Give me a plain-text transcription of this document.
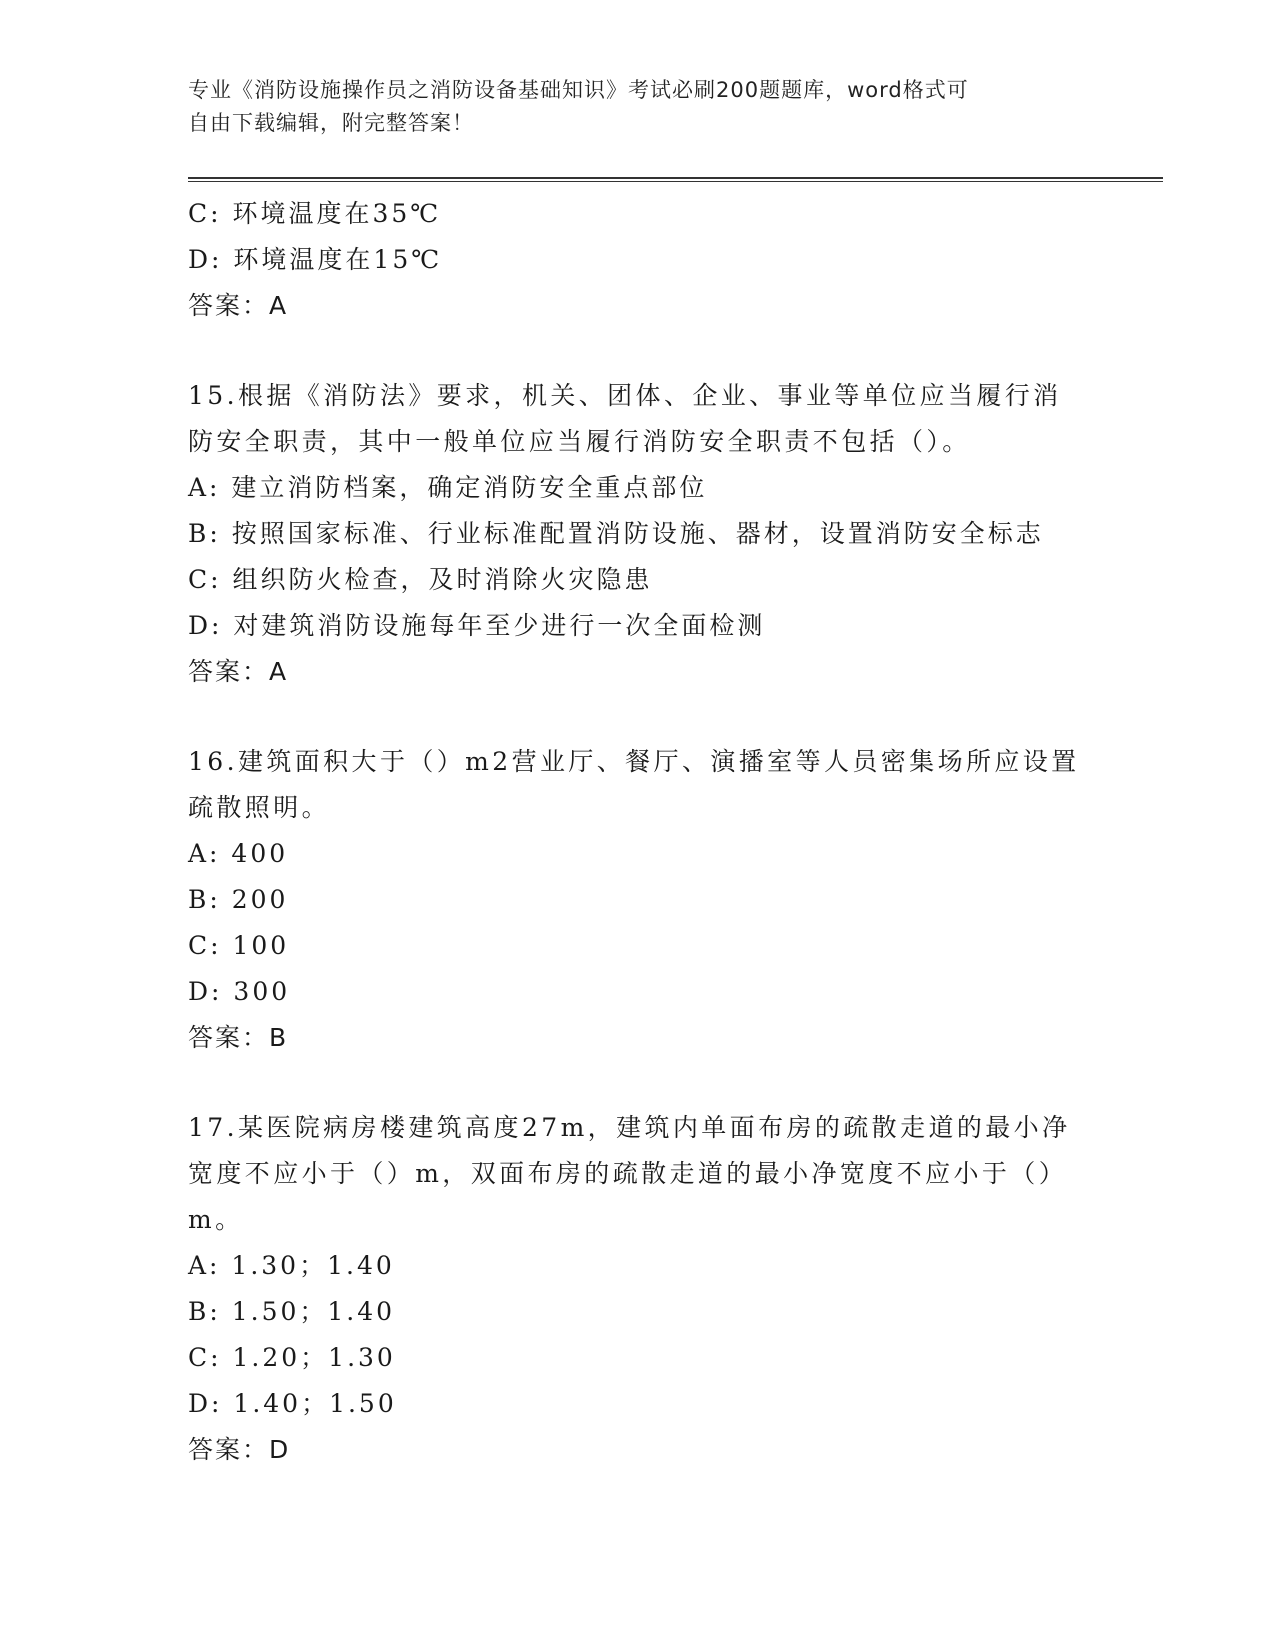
专业《消防设施操作员之消防设备基础知识》考试必刷200题题库，word格式可
自由下载编辑，附完整答案！
C: 环境温度在35℃
D: 环境温度在15℃
答案：A
15.根据《消防法》要求，机关、团体、企业、事业等单位应当履行消
防安全职责，其中一般单位应当履行消防安全职责不包括（）。
A: 建立消防档案，确定消防安全重点部位
B: 按照国家标准、行业标准配置消防设施、器材，设置消防安全标志
C: 组织防火检查，及时消除火灾隐患
D: 对建筑消防设施每年至少进行一次全面检测
答案：A
16.建筑面积大于（）m2营业厅、餐厅、演播室等人员密集场所应设置
疏散照明。
A: 400
B: 200
C: 100
D: 300
答案：B
17.某医院病房楼建筑高度27m，建筑内单面布房的疏散走道的最小净
宽度不应小于（）m，双面布房的疏散走道的最小净宽度不应小于（）
m。
A: 1.30；1.40
B: 1.50；1.40
C: 1.20；1.30
D: 1.40；1.50
答案：D
